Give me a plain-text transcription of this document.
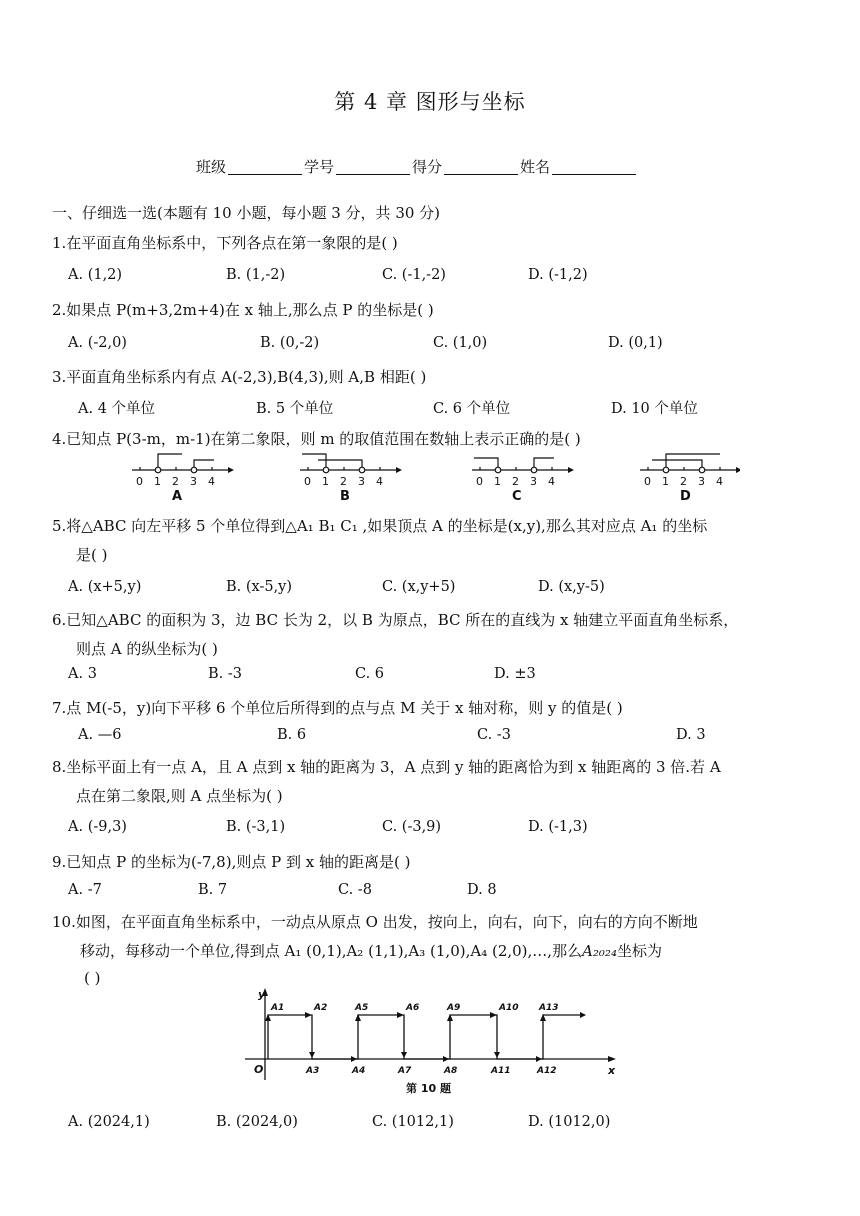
第 4 章 图形与坐标
班级	学号	得分	姓名
一、仔细选一选(本题有 10 小题，每小题 3 分，共 30 分)
1.在平面直角坐标系中，下列各点在第一象限的是( )
A. (1,2)	B. (1,-2)	C. (-1,-2)	D. (-1,2)
2.如果点 P(m+3,2m+4)在 x 轴上,那么点 P 的坐标是( )
A. (-2,0)	B. (0,-2)	C. (1,0)	D. (0,1)
3.平面直角坐标系内有点 A(-2,3),B(4,3),则 A,B 相距( )
A. 4 个单位	B. 5 个单位	C. 6 个单位	D. 10 个单位
4.已知点 P(3-m，m-1)在第二象限，则 m 的取值范围在数轴上表示正确的是( )
0 1 2 3 4
A
0 1 2 3 4
B
0 1 2 3 4
C
0 1 2 3 4
D
5.将△ABC 向左平移 5 个单位得到△A₁ B₁ C₁ ,如果顶点 A 的坐标是(x,y),那么其对应点 A₁ 的坐标
是( )
A. (x+5,y)	B. (x-5,y)	C. (x,y+5)	D. (x,y-5)
6.已知△ABC 的面积为 3，边 BC 长为 2，以 B 为原点，BC 所在的直线为 x 轴建立平面直角坐标系，
则点 A 的纵坐标为( )
A. 3	B. -3	C. 6	D. ±3
7.点 M(-5，y)向下平移 6 个单位后所得到的点与点 M 关于 x 轴对称，则 y 的值是( )
A. —6	B. 6	C. -3	D. 3
8.坐标平面上有一点 A，且 A 点到 x 轴的距离为 3，A 点到 y 轴的距离恰为到 x 轴距离的 3 倍.若 A
点在第二象限,则 A 点坐标为( )
A. (-9,3)	B. (-3,1)	C. (-3,9)	D. (-1,3)
9.已知点 P 的坐标为(-7,8),则点 P 到 x 轴的距离是( )
A. -7	B. 7	C. -8	D. 8
10.如图，在平面直角坐标系中，一动点从原点 O 出发，按向上，向右，向下，向右的方向不断地
移动，每移动一个单位,得到点 A₁ (0,1),A₂ (1,1),A₃ (1,0),A₄ (2,0),…,那么A₂₀₂₄坐标为
( )
y
x
O
A1	A2
A3	A4
A5	A6
A7	A8
A9	A10
A11	A12
A13
第 10 题
A. (2024,1)	B. (2024,0)	C. (1012,1)	D. (1012,0)
